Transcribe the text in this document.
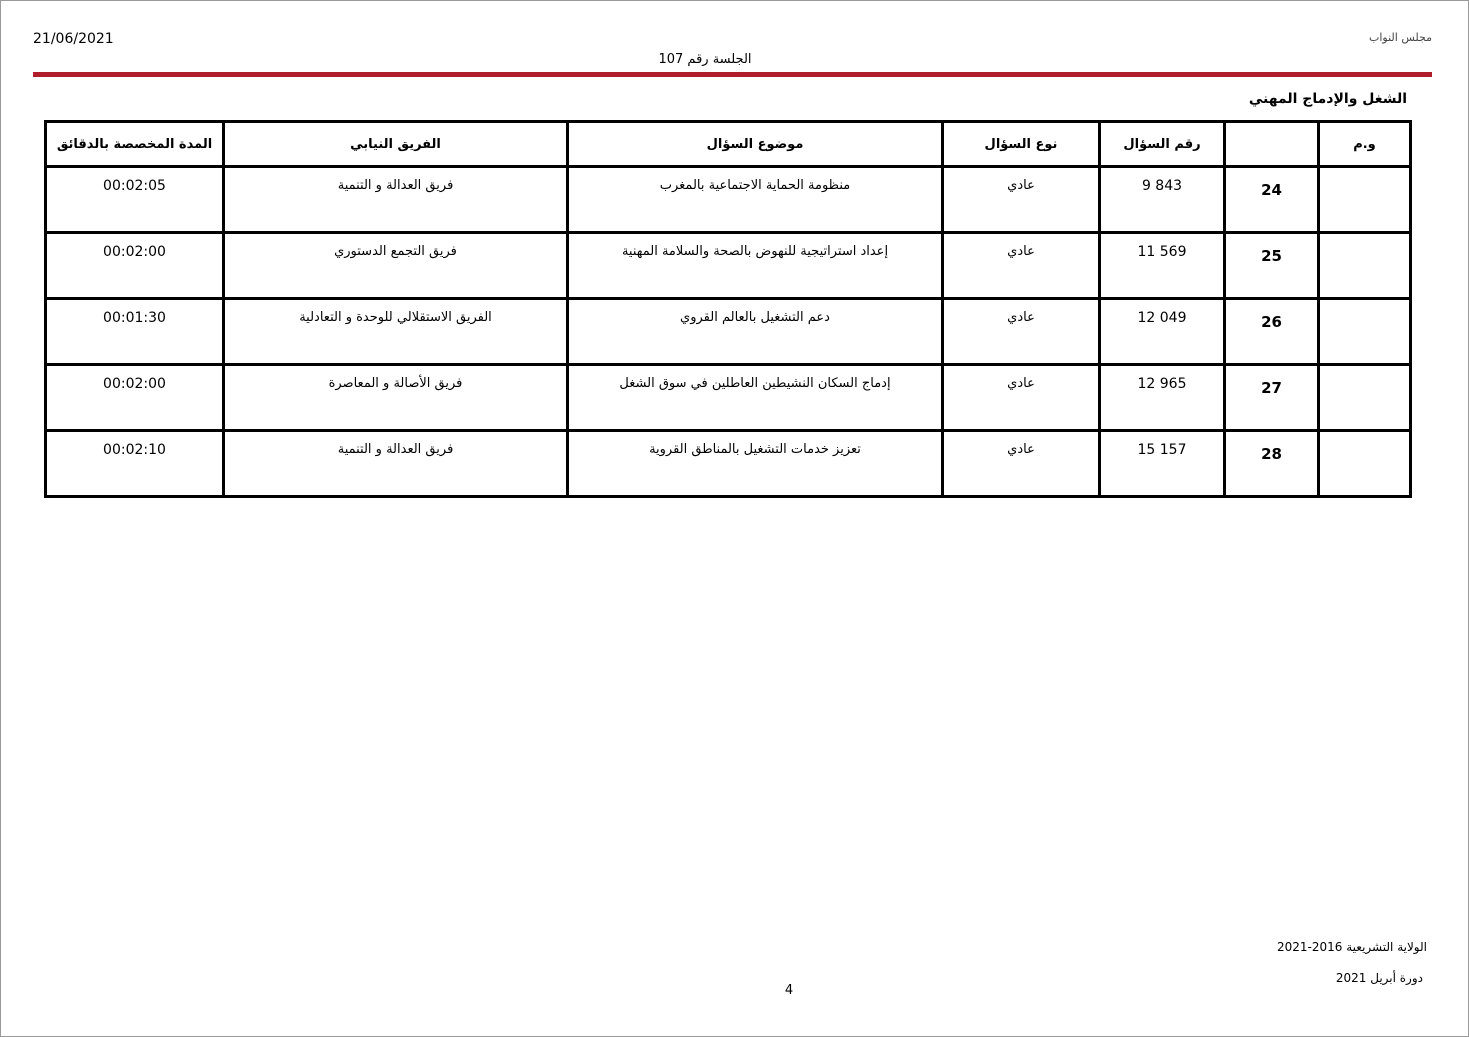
21/06/2021	مجلس النواب
الجلسة رقم 107
الشغل والإدماج المهني
و.م		رقم السؤال	نوع السؤال	موضوع السؤال	الفريق النيابي	المدة المخصصة بالدقائق
	24	9 843	عادي	منظومة الحماية الاجتماعية بالمغرب	فريق العدالة و التنمية	00:02:05
	25	11 569	عادي	إعداد استراتيجية للنهوض بالصحة والسلامة المهنية	فريق التجمع الدستوري	00:02:00
	26	12 049	عادي	دعم التشغيل بالعالم القروي	الفريق الاستقلالي للوحدة و التعادلية	00:01:30
	27	12 965	عادي	إدماج السكان النشيطين العاطلين في سوق الشغل	فريق الأصالة و المعاصرة	00:02:00
	28	15 157	عادي	تعزيز خدمات التشغيل بالمناطق القروية	فريق العدالة و التنمية	00:02:10
الولاية التشريعية 2016-2021
دورة أبريل 2021
4
